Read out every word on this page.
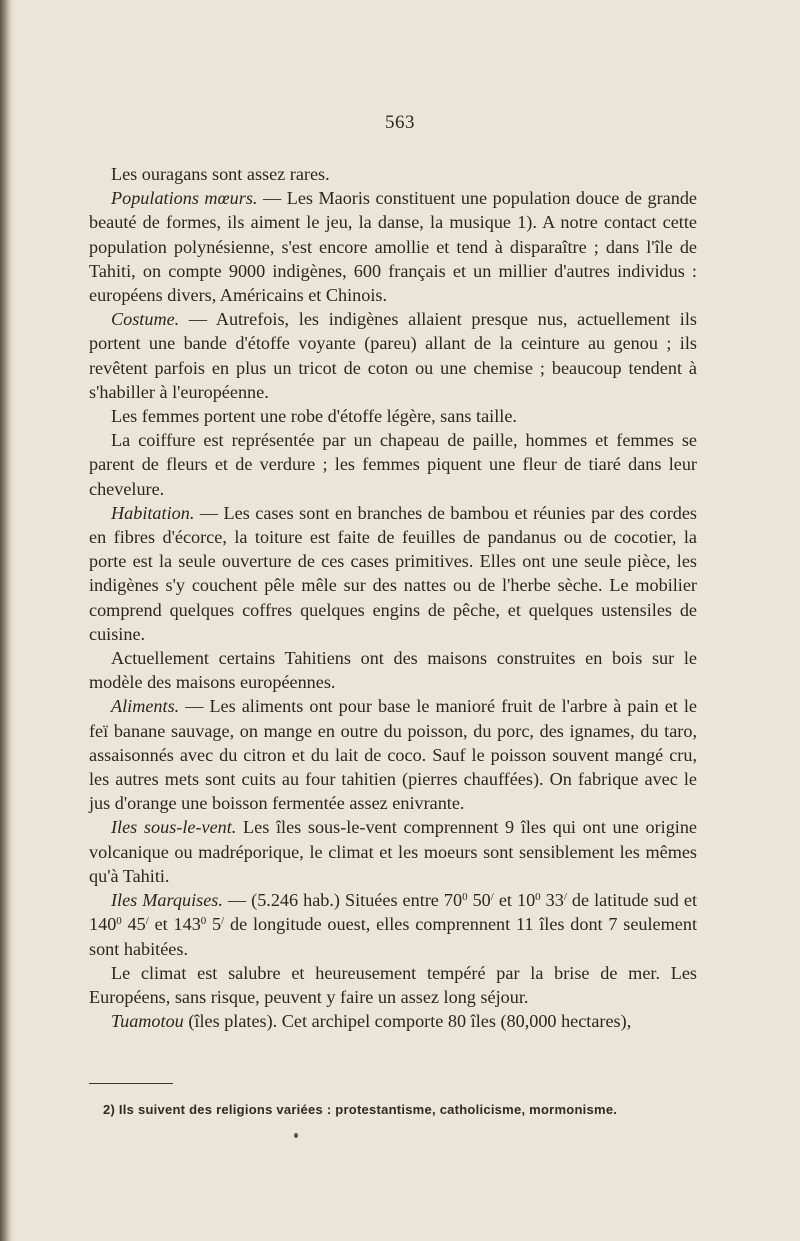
563

Les ouragans sont assez rares.

Populations mœurs. — Les Maoris constituent une population douce de grande beauté de formes, ils aiment le jeu, la danse, la musique 1). A notre contact cette population polynésienne, s'est encore amollie et tend à disparaître ; dans l'île de Tahiti, on compte 9000 indigènes, 600 français et un millier d'autres individus : européens divers, Américains et Chinois.

Costume. — Autrefois, les indigènes allaient presque nus, actuellement ils portent une bande d'étoffe voyante (pareu) allant de la ceinture au genou ; ils revêtent parfois en plus un tricot de coton ou une chemise ; beaucoup tendent à s'habiller à l'européenne.

Les femmes portent une robe d'étoffe légère, sans taille.

La coiffure est représentée par un chapeau de paille, hommes et femmes se parent de fleurs et de verdure ; les femmes piquent une fleur de tiaré dans leur chevelure.

Habitation. — Les cases sont en branches de bambou et réunies par des cordes en fibres d'écorce, la toiture est faite de feuilles de pandanus ou de cocotier, la porte est la seule ouverture de ces cases primitives. Elles ont une seule pièce, les indigènes s'y couchent pêle mêle sur des nattes ou de l'herbe sèche. Le mobilier comprend quelques coffres quelques engins de pêche, et quelques ustensiles de cuisine.

Actuellement certains Tahitiens ont des maisons construites en bois sur le modèle des maisons européennes.

Aliments. — Les aliments ont pour base le manioré fruit de l'arbre à pain et le feï banane sauvage, on mange en outre du poisson, du porc, des ignames, du taro, assaisonnés avec du citron et du lait de coco. Sauf le poisson souvent mangé cru, les autres mets sont cuits au four tahitien (pierres chauffées). On fabrique avec le jus d'orange une boisson fermentée assez enivrante.

Iles sous-le-vent. Les îles sous-le-vent comprennent 9 îles qui ont une origine volcanique ou madréporique, le climat et les moeurs sont sensiblement les mêmes qu'à Tahiti.

Iles Marquises. — (5.246 hab.) Situées entre $70^0$ 50/ et $10^0$ 33/ de latitude sud et $140^0$ 45/ et $143^0$ 5/ de longitude ouest, elles comprennent 11 îles dont 7 seulement sont habitées.

Le climat est salubre et heureusement tempéré par la brise de mer. Les Européens, sans risque, peuvent y faire un assez long séjour.

Tuamotou (îles plates). Cet archipel comporte 80 îles (80,000 hectares),

2) Ils suivent des religions variées : protestantisme, catholicisme, mormonisme.
